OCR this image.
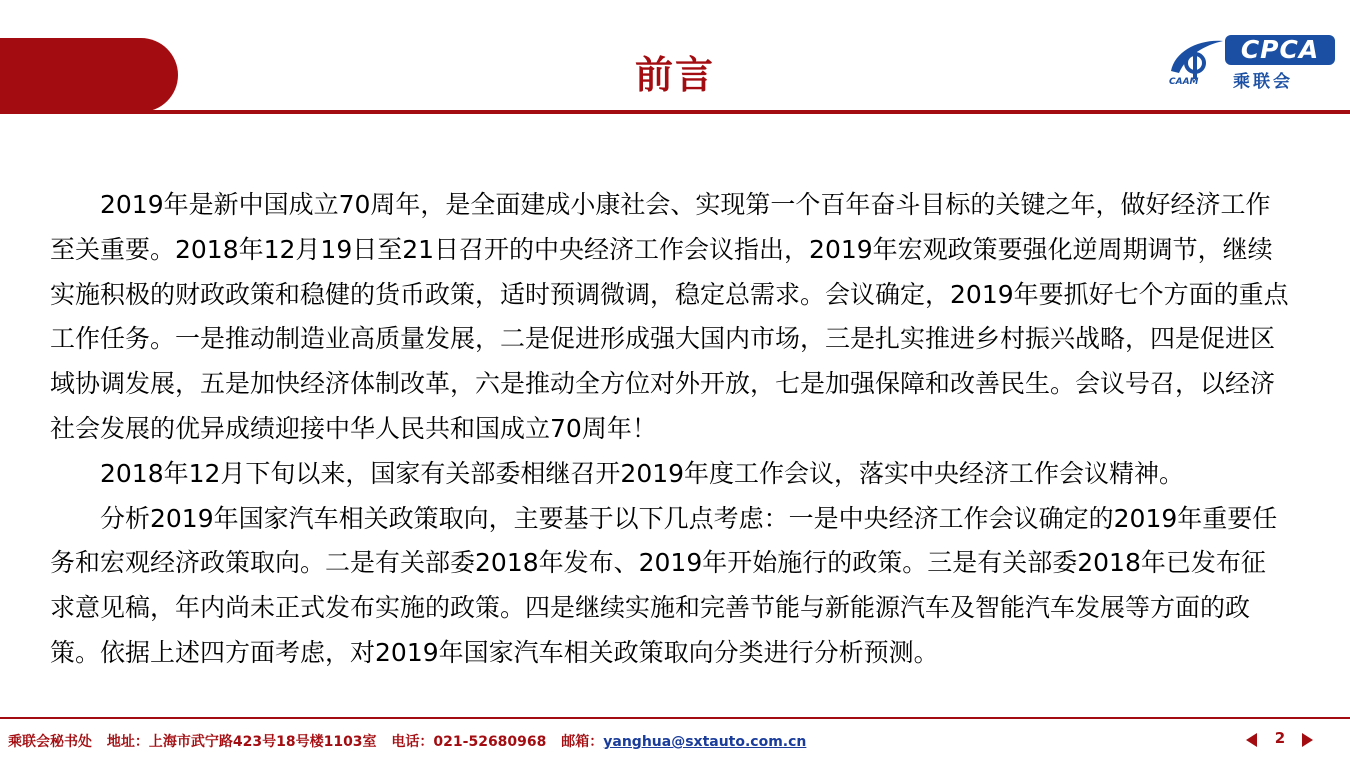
前言
CPCA
乘联会
CAAM

2019年是新中国成立70周年，是全面建成小康社会、实现第一个百年奋斗目标的关键之年，做好经济工作至关重要。2018年12月19日至21日召开的中央经济工作会议指出，2019年宏观政策要强化逆周期调节，继续实施积极的财政政策和稳健的货币政策，适时预调微调，稳定总需求。会议确定，2019年要抓好七个方面的重点工作任务。一是推动制造业高质量发展，二是促进形成强大国内市场，三是扎实推进乡村振兴战略，四是促进区域协调发展，五是加快经济体制改革，六是推动全方位对外开放，七是加强保障和改善民生。会议号召，以经济社会发展的优异成绩迎接中华人民共和国成立70周年！

2018年12月下旬以来，国家有关部委相继召开2019年度工作会议，落实中央经济工作会议精神。

分析2019年国家汽车相关政策取向，主要基于以下几点考虑：一是中央经济工作会议确定的2019年重要任务和宏观经济政策取向。二是有关部委2018年发布、2019年开始施行的政策。三是有关部委2018年已发布征求意见稿，年内尚未正式发布实施的政策。四是继续实施和完善节能与新能源汽车及智能汽车发展等方面的政策。依据上述四方面考虑，对2019年国家汽车相关政策取向分类进行分析预测。

乘联会秘书处 地址：上海市武宁路423号18号楼1103室 电话：021-52680968 邮箱：yanghua@sxtauto.com.cn	2
